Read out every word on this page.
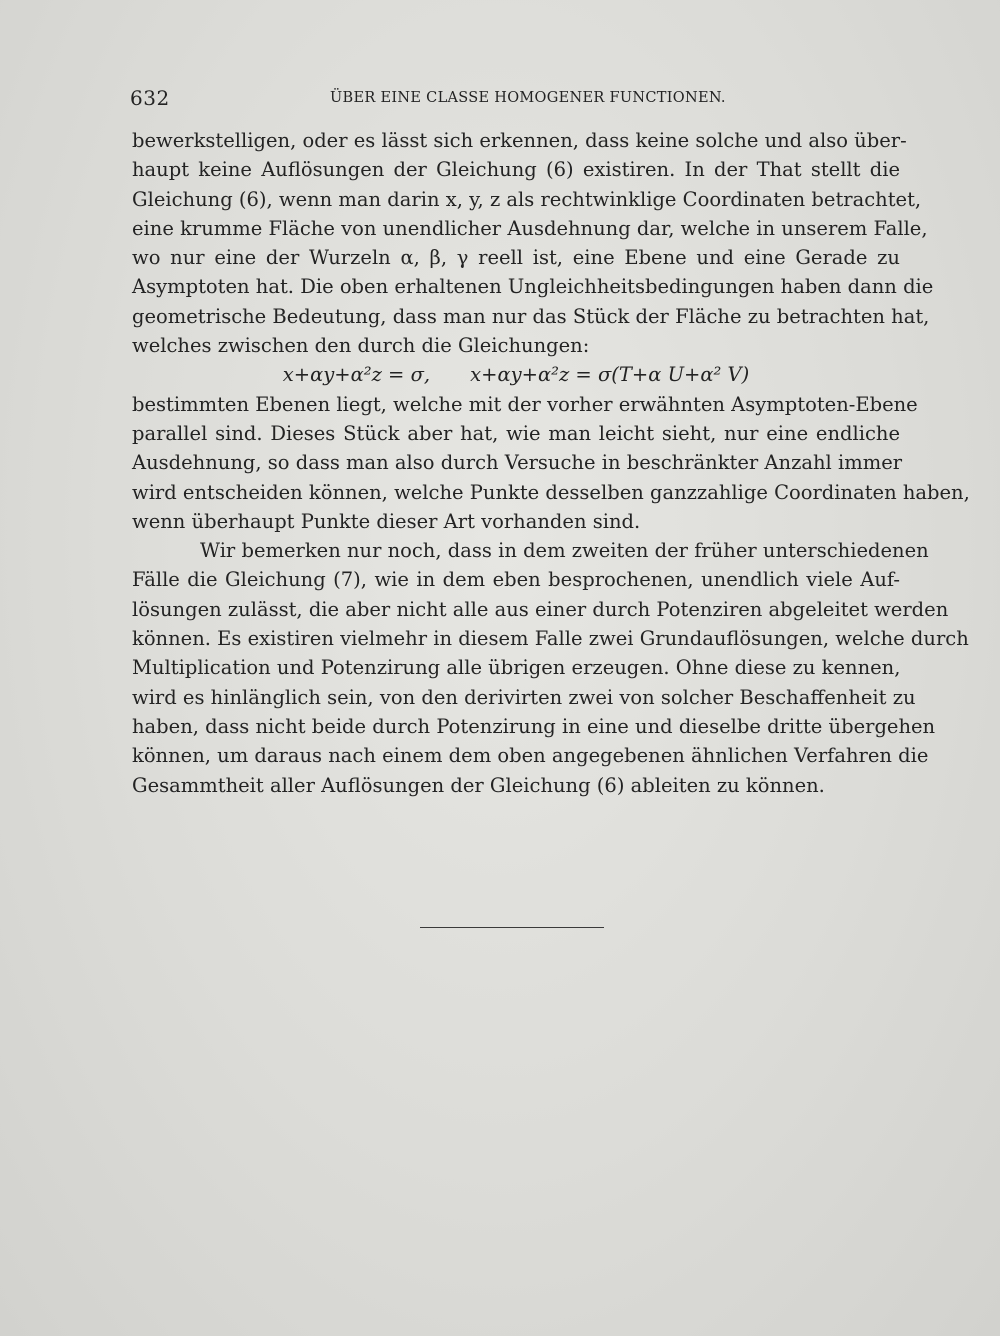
632	ÜBER EINE CLASSE HOMOGENER FUNCTIONEN.
bewerkstelligen, oder es lässt sich erkennen, dass keine solche und also über-
haupt keine Auflösungen der Gleichung (6) existiren. In der That stellt die
Gleichung (6), wenn man darin x, y, z als rechtwinklige Coordinaten betrachtet,
eine krumme Fläche von unendlicher Ausdehnung dar, welche in unserem Falle,
wo nur eine der Wurzeln α, β, γ reell ist, eine Ebene und eine Gerade zu
Asymptoten hat. Die oben erhaltenen Ungleichheitsbedingungen haben dann die
geometrische Bedeutung, dass man nur das Stück der Fläche zu betrachten hat,
welches zwischen den durch die Gleichungen:
x+αy+α²z = σ, x+αy+α²z = σ(T+α U+α² V)
bestimmten Ebenen liegt, welche mit der vorher erwähnten Asymptoten-Ebene
parallel sind. Dieses Stück aber hat, wie man leicht sieht, nur eine endliche
Ausdehnung, so dass man also durch Versuche in beschränkter Anzahl immer
wird entscheiden können, welche Punkte desselben ganzzahlige Coordinaten haben,
wenn überhaupt Punkte dieser Art vorhanden sind.
Wir bemerken nur noch, dass in dem zweiten der früher unterschiedenen
Fälle die Gleichung (7), wie in dem eben besprochenen, unendlich viele Auf-
lösungen zulässt, die aber nicht alle aus einer durch Potenziren abgeleitet werden
können. Es existiren vielmehr in diesem Falle zwei Grundauflösungen, welche durch
Multiplication und Potenzirung alle übrigen erzeugen. Ohne diese zu kennen,
wird es hinlänglich sein, von den derivirten zwei von solcher Beschaffenheit zu
haben, dass nicht beide durch Potenzirung in eine und dieselbe dritte übergehen
können, um daraus nach einem dem oben angegebenen ähnlichen Verfahren die
Gesammtheit aller Auflösungen der Gleichung (6) ableiten zu können.
